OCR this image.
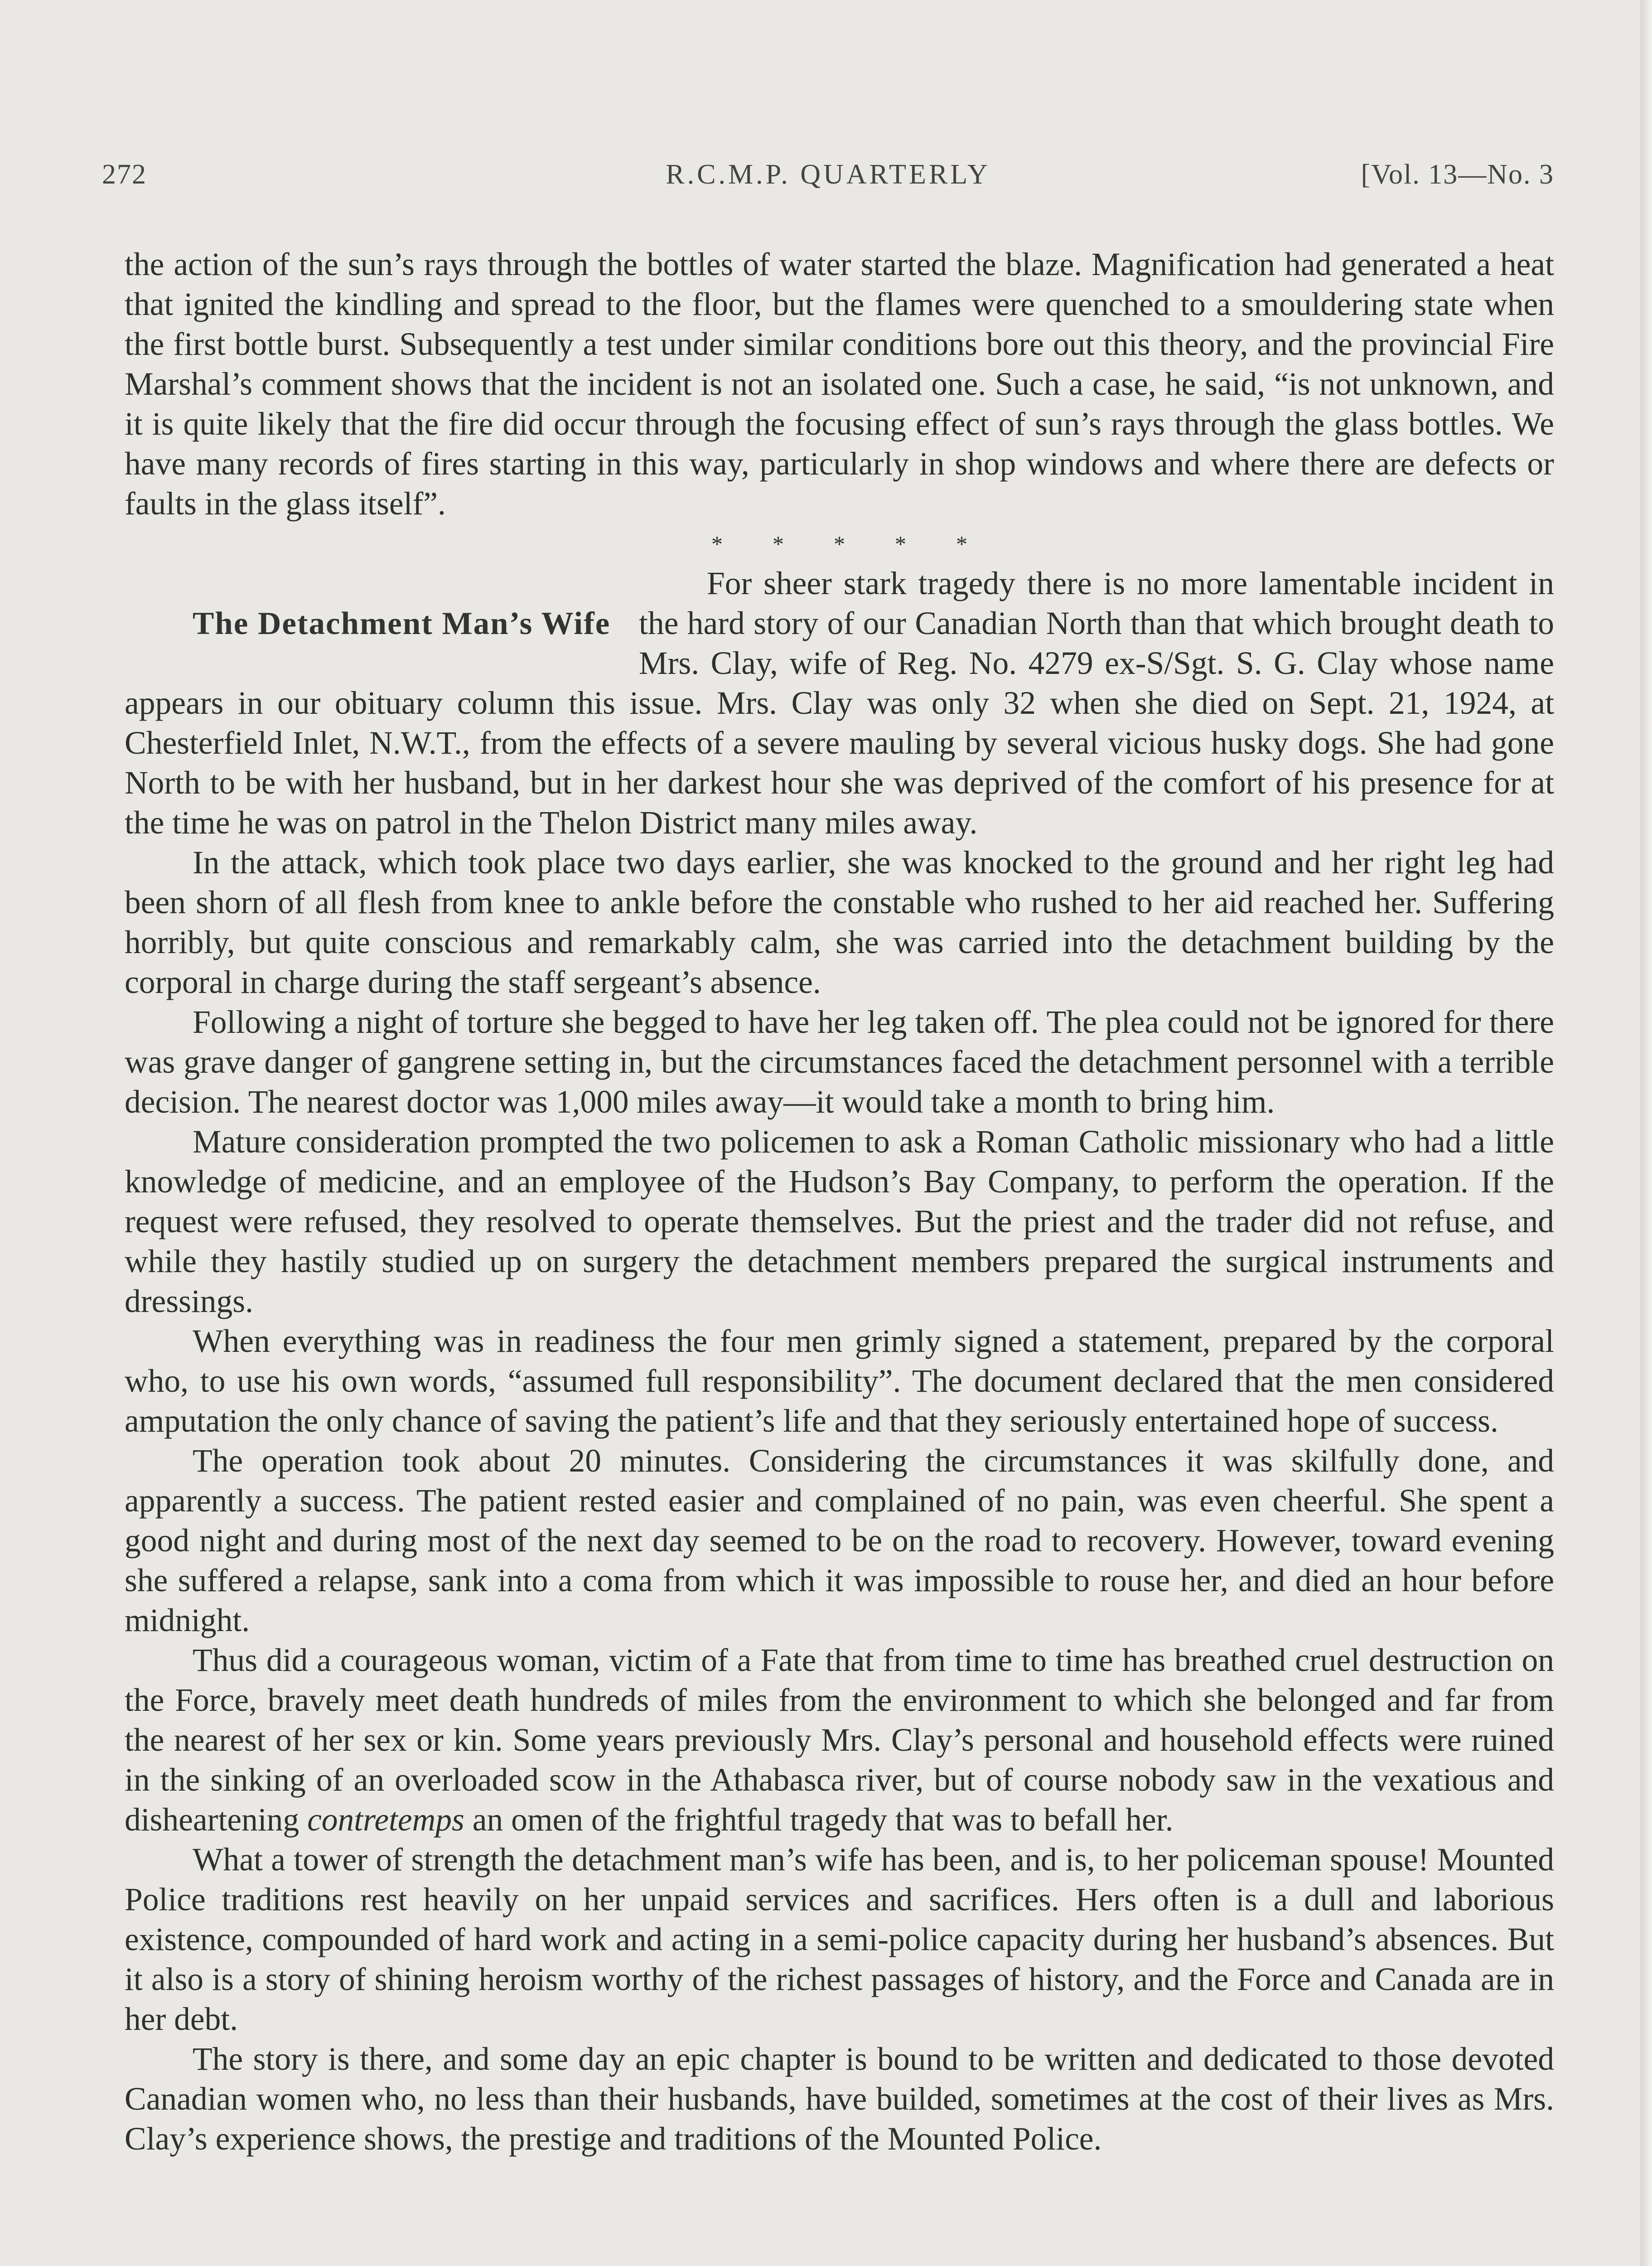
272	R.C.M.P. QUARTERLY	[Vol. 13—No. 3

the action of the sun’s rays through the bottles of water started the blaze. Magnification had generated a heat that ignited the kindling and spread to the floor, but the flames were quenched to a smouldering state when the first bottle burst. Subsequently a test under similar conditions bore out this theory, and the provincial Fire Marshal’s comment shows that the incident is not an isolated one. Such a case, he said, “is not unknown, and it is quite likely that the fire did occur through the focusing effect of sun’s rays through the glass bottles. We have many records of fires starting in this way, particularly in shop windows and where there are defects or faults in the glass itself”.

* * * * *

The Detachment Man’s Wife
For sheer stark tragedy there is no more lamentable incident in the hard story of our Canadian North than that which brought death to Mrs. Clay, wife of Reg. No. 4279 ex-S/Sgt. S. G. Clay whose name appears in our obituary column this issue. Mrs. Clay was only 32 when she died on Sept. 21, 1924, at Chesterfield Inlet, N.W.T., from the effects of a severe mauling by several vicious husky dogs. She had gone North to be with her husband, but in her darkest hour she was deprived of the comfort of his presence for at the time he was on patrol in the Thelon District many miles away.

In the attack, which took place two days earlier, she was knocked to the ground and her right leg had been shorn of all flesh from knee to ankle before the constable who rushed to her aid reached her. Suffering horribly, but quite conscious and remarkably calm, she was carried into the detachment building by the corporal in charge during the staff sergeant’s absence.

Following a night of torture she begged to have her leg taken off. The plea could not be ignored for there was grave danger of gangrene setting in, but the circumstances faced the detachment personnel with a terrible decision. The nearest doctor was 1,000 miles away—it would take a month to bring him.

Mature consideration prompted the two policemen to ask a Roman Catholic missionary who had a little knowledge of medicine, and an employee of the Hudson’s Bay Company, to perform the operation. If the request were refused, they resolved to operate themselves. But the priest and the trader did not refuse, and while they hastily studied up on surgery the detachment members prepared the surgical instruments and dressings.

When everything was in readiness the four men grimly signed a statement, prepared by the corporal who, to use his own words, “assumed full responsibility”. The document declared that the men considered amputation the only chance of saving the patient’s life and that they seriously entertained hope of success.

The operation took about 20 minutes. Considering the circumstances it was skilfully done, and apparently a success. The patient rested easier and complained of no pain, was even cheerful. She spent a good night and during most of the next day seemed to be on the road to recovery. However, toward evening she suffered a relapse, sank into a coma from which it was impossible to rouse her, and died an hour before midnight.

Thus did a courageous woman, victim of a Fate that from time to time has breathed cruel destruction on the Force, bravely meet death hundreds of miles from the environment to which she belonged and far from the nearest of her sex or kin. Some years previously Mrs. Clay’s personal and household effects were ruined in the sinking of an overloaded scow in the Athabasca river, but of course nobody saw in the vexatious and disheartening contretemps an omen of the frightful tragedy that was to befall her.

What a tower of strength the detachment man’s wife has been, and is, to her policeman spouse! Mounted Police traditions rest heavily on her unpaid services and sacrifices. Hers often is a dull and laborious existence, compounded of hard work and acting in a semi-police capacity during her husband’s absences. But it also is a story of shining heroism worthy of the richest passages of history, and the Force and Canada are in her debt.

The story is there, and some day an epic chapter is bound to be written and dedicated to those devoted Canadian women who, no less than their husbands, have builded, sometimes at the cost of their lives as Mrs. Clay’s experience shows, the prestige and traditions of the Mounted Police.
